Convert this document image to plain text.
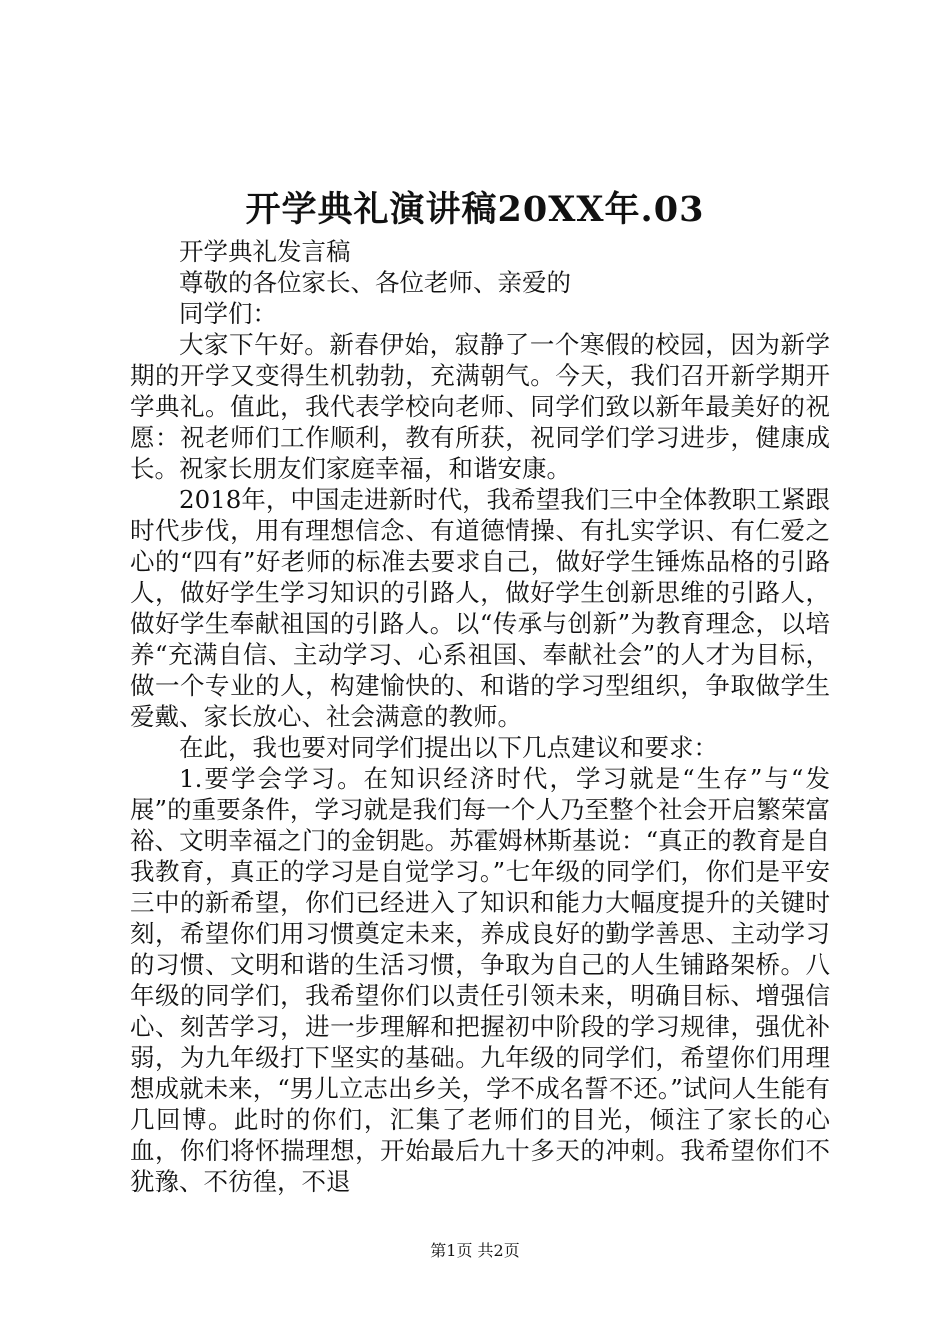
开学典礼演讲稿20XX年.03

开学典礼发言稿

尊敬的各位家长、各位老师、亲爱的

同学们：

大家下午好。新春伊始，寂静了一个寒假的校园，因为新学期的开学又变得生机勃勃，充满朝气。今天，我们召开新学期开学典礼。值此，我代表学校向老师、同学们致以新年最美好的祝愿：祝老师们工作顺利，教有所获，祝同学们学习进步，健康成长。祝家长朋友们家庭幸福，和谐安康。

2018年，中国走进新时代，我希望我们三中全体教职工紧跟时代步伐，用有理想信念、有道德情操、有扎实学识、有仁爱之心的“四有”好老师的标准去要求自己，做好学生锤炼品格的引路人，做好学生学习知识的引路人，做好学生创新思维的引路人，做好学生奉献祖国的引路人。以“传承与创新”为教育理念，以培养“充满自信、主动学习、心系祖国、奉献社会”的人才为目标，做一个专业的人，构建愉快的、和谐的学习型组织，争取做学生爱戴、家长放心、社会满意的教师。

在此，我也要对同学们提出以下几点建议和要求：

1.要学会学习。在知识经济时代，学习就是“生存”与“发展”的重要条件，学习就是我们每一个人乃至整个社会开启繁荣富裕、文明幸福之门的金钥匙。苏霍姆林斯基说：“真正的教育是自我教育，真正的学习是自觉学习。”七年级的同学们，你们是平安三中的新希望，你们已经进入了知识和能力大幅度提升的关键时刻，希望你们用习惯奠定未来，养成良好的勤学善思、主动学习的习惯、文明和谐的生活习惯，争取为自己的人生铺路架桥。八年级的同学们，我希望你们以责任引领未来，明确目标、增强信心、刻苦学习，进一步理解和把握初中阶段的学习规律，强优补弱，为九年级打下坚实的基础。九年级的同学们，希望你们用理想成就未来，“男儿立志出乡关，学不成名誓不还。”试问人生能有几回博。此时的你们，汇集了老师们的目光，倾注了家长的心血，你们将怀揣理想，开始最后九十多天的冲刺。我希望你们不犹豫、不彷徨，不退

第1页 共2页
